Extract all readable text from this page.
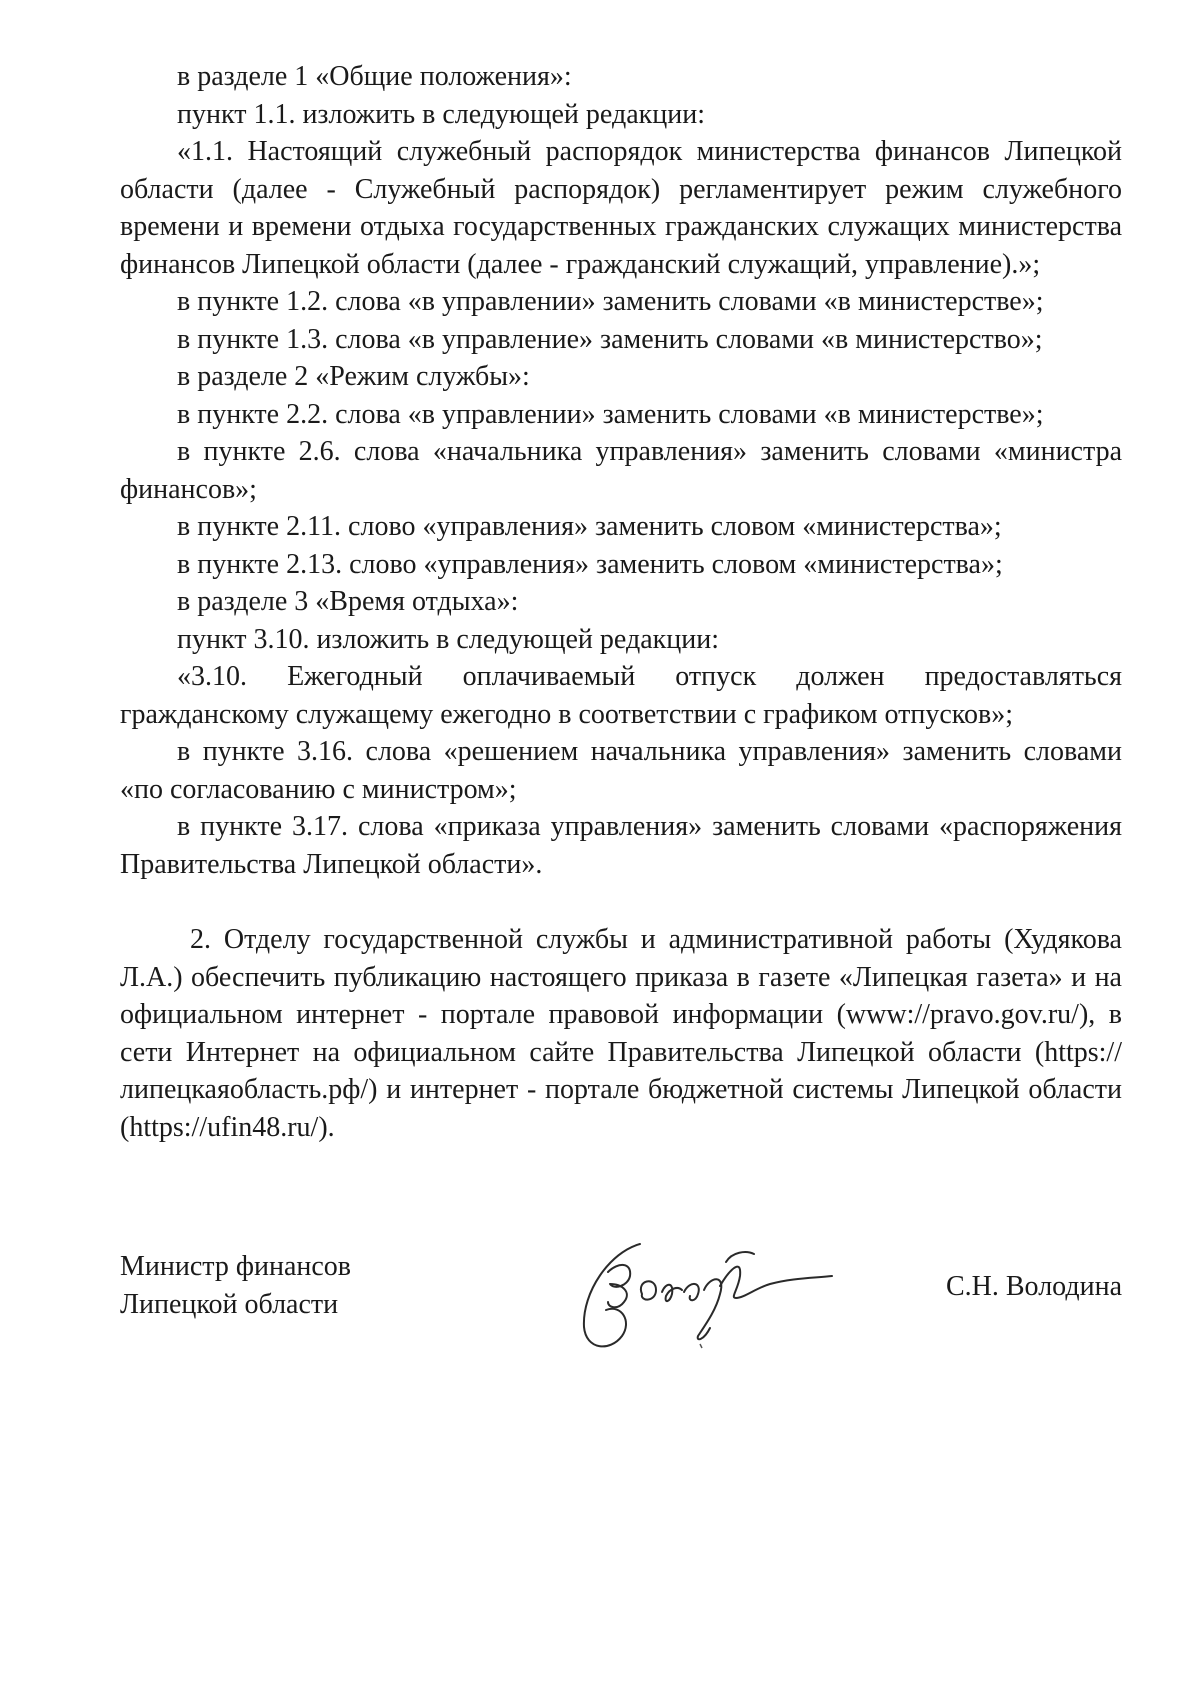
в разделе 1 «Общие положения»:

пункт 1.1. изложить в следующей редакции:

«1.1. Настоящий служебный распорядок министерства финансов Липецкой области (далее - Служебный распорядок) регламентирует режим служебного времени и времени отдыха государственных гражданских служащих министерства финансов Липецкой области (далее - гражданский служащий, управление).»;

в пункте 1.2. слова «в управлении» заменить словами «в министерстве»;

в пункте 1.3. слова «в управление» заменить словами «в министерство»;

в разделе 2 «Режим службы»:

в пункте 2.2. слова «в управлении» заменить словами «в министерстве»;

в пункте 2.6. слова «начальника управления» заменить словами «министра финансов»;

в пункте 2.11. слово «управления» заменить словом «министерства»;

в пункте 2.13. слово «управления» заменить словом «министерства»;

в разделе 3 «Время отдыха»:

пункт 3.10. изложить в следующей редакции:

«3.10. Ежегодный оплачиваемый отпуск должен предоставляться гражданскому служащему ежегодно в соответствии с графиком отпусков»;

в пункте 3.16. слова «решением начальника управления» заменить словами «по согласованию с министром»;

в пункте 3.17. слова «приказа управления» заменить словами «распоряжения Правительства Липецкой области».

2. Отделу государственной службы и административной работы (Худякова Л.А.) обеспечить публикацию настоящего приказа в газете «Липецкая газета» и на официальном интернет - портале правовой информации (www://pravo.gov.ru/), в сети Интернет на официальном сайте Правительства Липецкой области (https://липецкаяобласть.рф/) и интернет - портале бюджетной системы Липецкой области (https://ufin48.ru/).

Министр финансов
Липецкой области
С.Н. Володина
